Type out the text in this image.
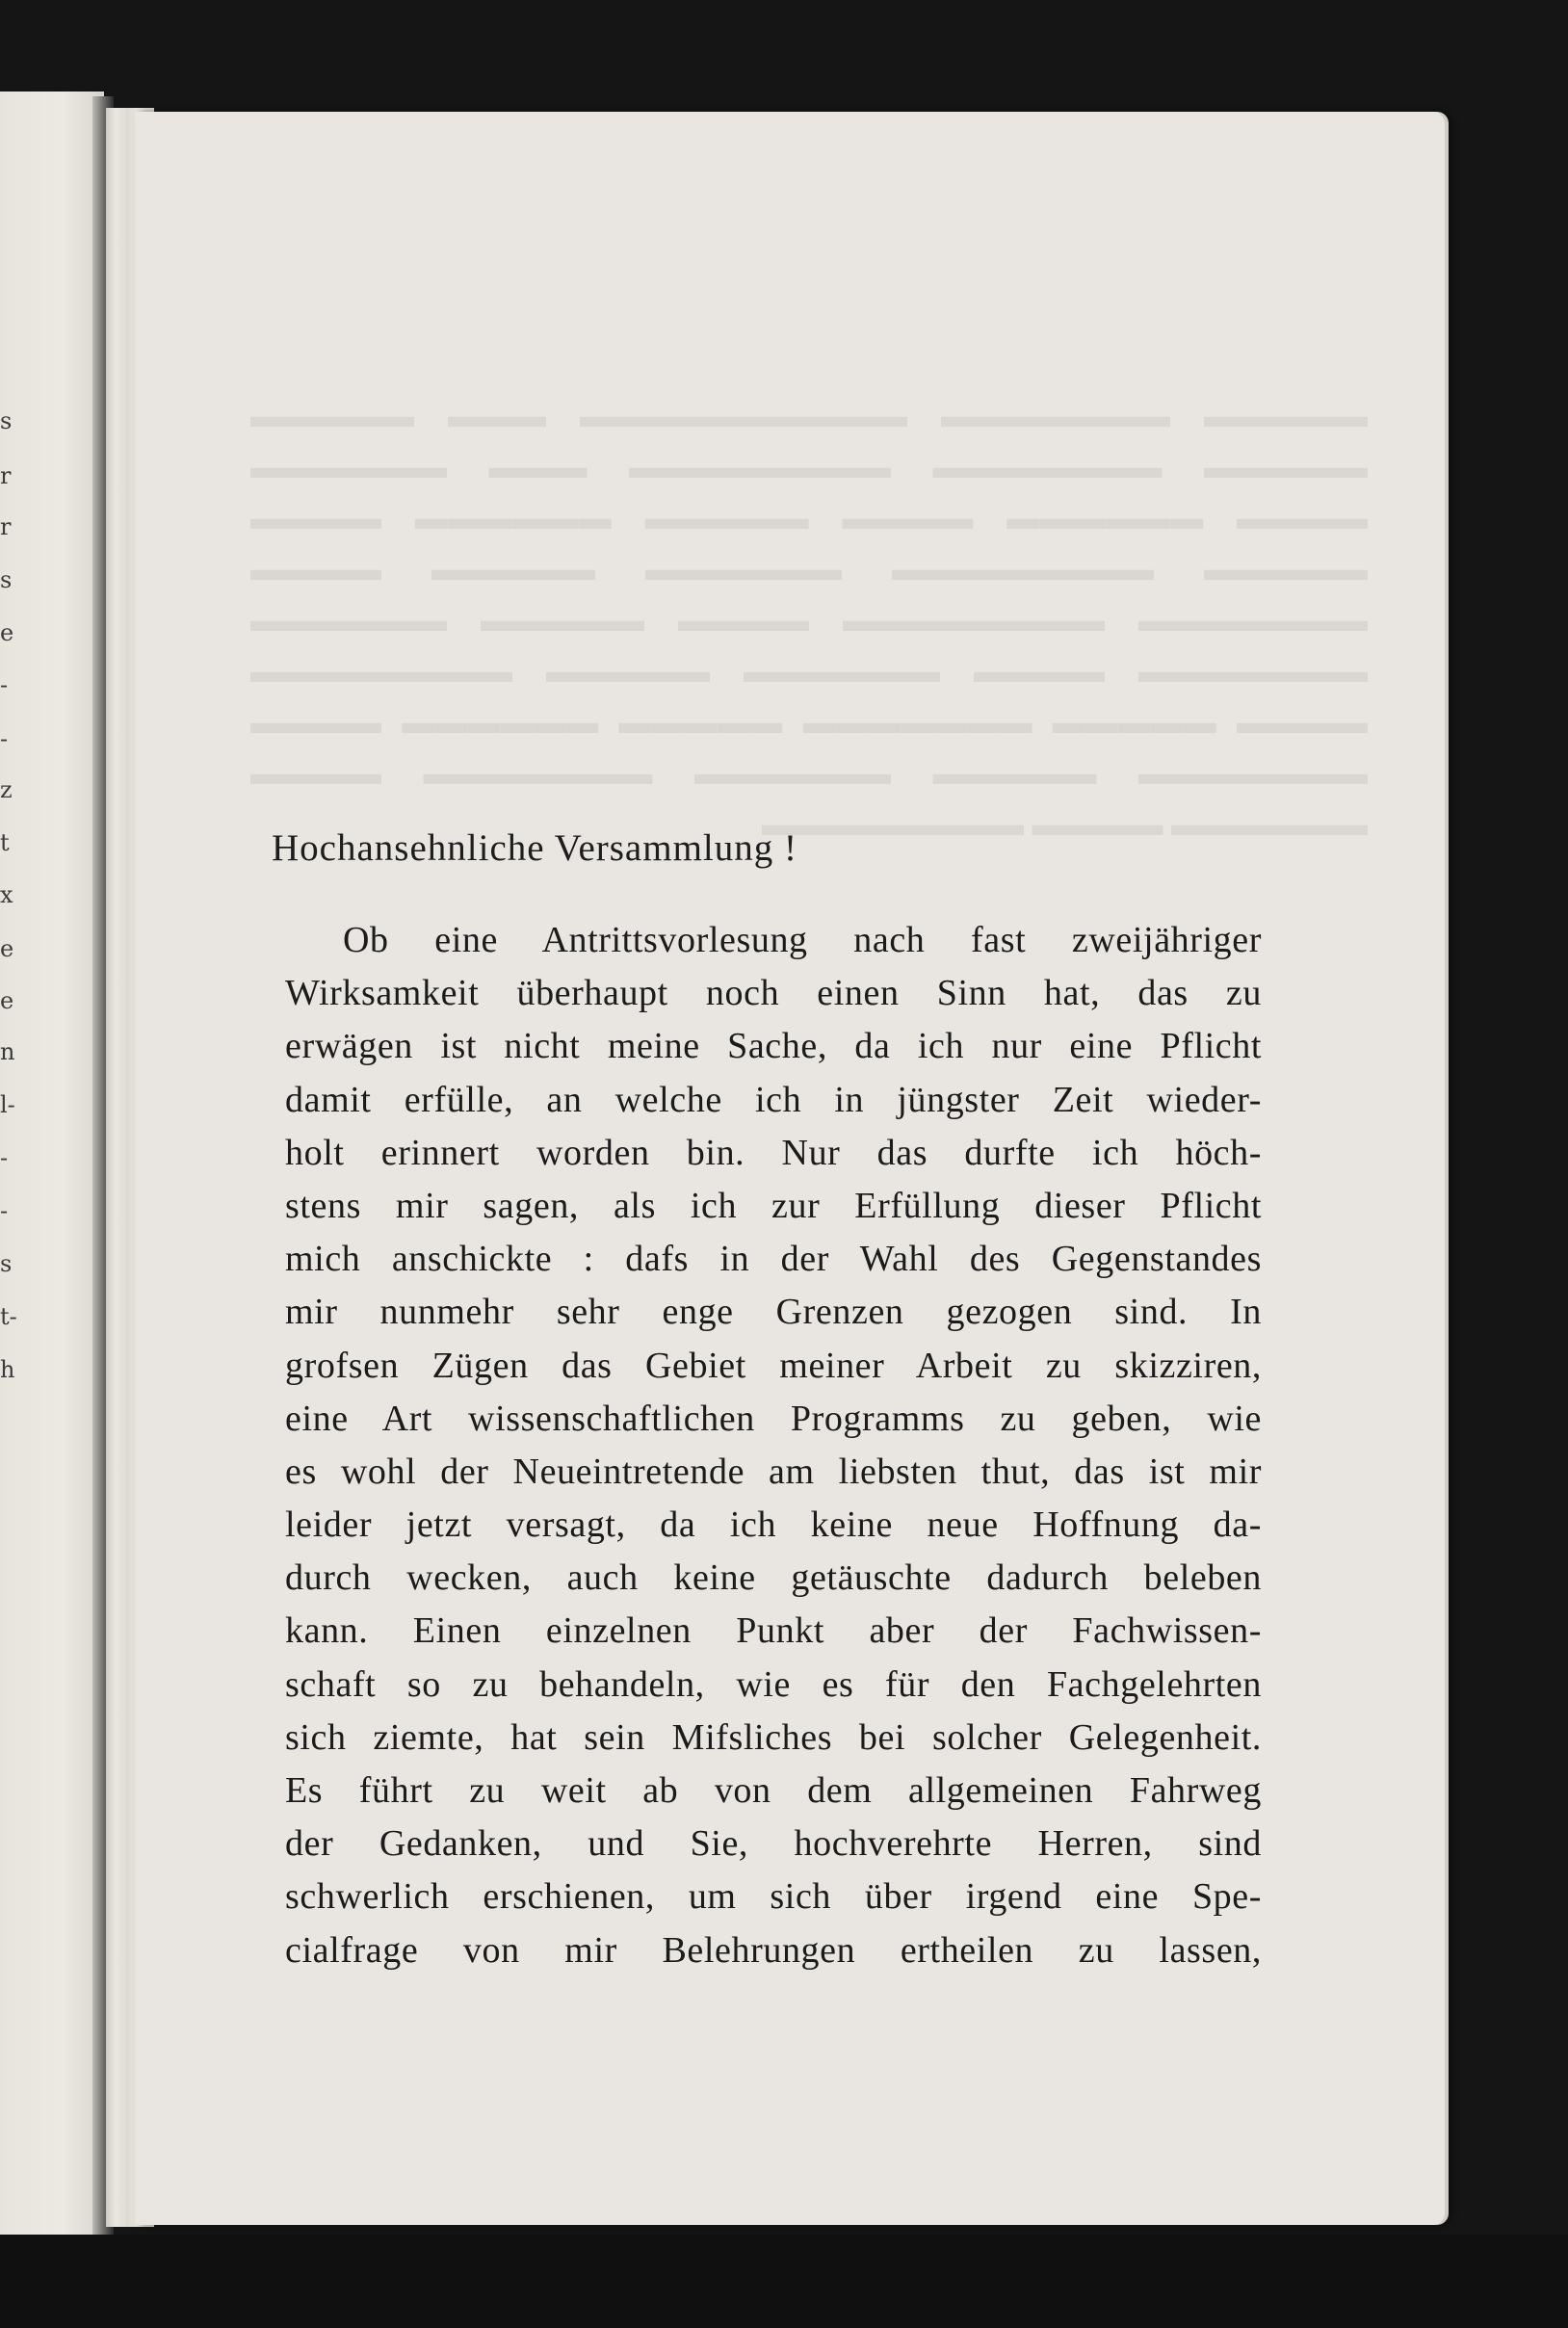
s
r
r
s
e
-
-
z
t
x
e
e
n
l-
-
-
s
t-
h
▬▬▬▬▬ ▬▬▬▬▬▬▬ ▬▬▬▬▬▬▬▬▬▬ ▬▬▬ ▬▬▬▬▬ ▬▬▬▬▬ ▬▬▬▬▬▬▬ ▬▬▬▬▬▬▬▬ ▬▬▬ ▬▬▬▬▬▬ ▬▬▬▬ ▬▬▬▬▬▬ ▬▬▬▬ ▬▬▬▬▬ ▬▬▬▬▬▬ ▬▬▬▬ ▬▬▬▬▬ ▬▬▬▬▬▬▬▬ ▬▬▬▬▬▬ ▬▬▬▬▬ ▬▬▬▬ ▬▬▬▬▬▬▬ ▬▬▬▬▬▬▬▬ ▬▬▬▬ ▬▬▬▬▬ ▬▬▬▬▬▬ ▬▬▬▬▬▬▬ ▬▬▬▬ ▬▬▬▬▬▬ ▬▬▬▬▬ ▬▬▬▬▬▬▬▬ ▬▬▬▬ ▬▬▬▬▬ ▬▬▬▬▬▬▬ ▬▬▬▬▬ ▬▬▬▬▬▬ ▬▬▬▬ ▬▬▬▬▬▬▬ ▬▬▬▬▬ ▬▬▬▬▬▬ ▬▬▬▬▬▬▬ ▬▬▬▬ ▬▬▬▬▬▬ ▬▬▬▬ ▬▬▬▬▬▬▬▬
Hochansehnliche Versammlung !
Ob eine Antrittsvorlesung nach fast zweijähriger
Wirksamkeit überhaupt noch einen Sinn hat, das zu
erwägen ist nicht meine Sache, da ich nur eine Pflicht
damit erfülle, an welche ich in jüngster Zeit wieder-
holt erinnert worden bin. Nur das durfte ich höch-
stens mir sagen, als ich zur Erfüllung dieser Pflicht
mich anschickte : dafs in der Wahl des Gegenstandes
mir nunmehr sehr enge Grenzen gezogen sind. In
grofsen Zügen das Gebiet meiner Arbeit zu skizziren,
eine Art wissenschaftlichen Programms zu geben, wie
es wohl der Neueintretende am liebsten thut, das ist mir
leider jetzt versagt, da ich keine neue Hoffnung da-
durch wecken, auch keine getäuschte dadurch beleben
kann. Einen einzelnen Punkt aber der Fachwissen-
schaft so zu behandeln, wie es für den Fachgelehrten
sich ziemte, hat sein Mifsliches bei solcher Gelegenheit.
Es führt zu weit ab von dem allgemeinen Fahrweg
der Gedanken, und Sie, hochverehrte Herren, sind
schwerlich erschienen, um sich über irgend eine Spe-
cialfrage von mir Belehrungen ertheilen zu lassen,
